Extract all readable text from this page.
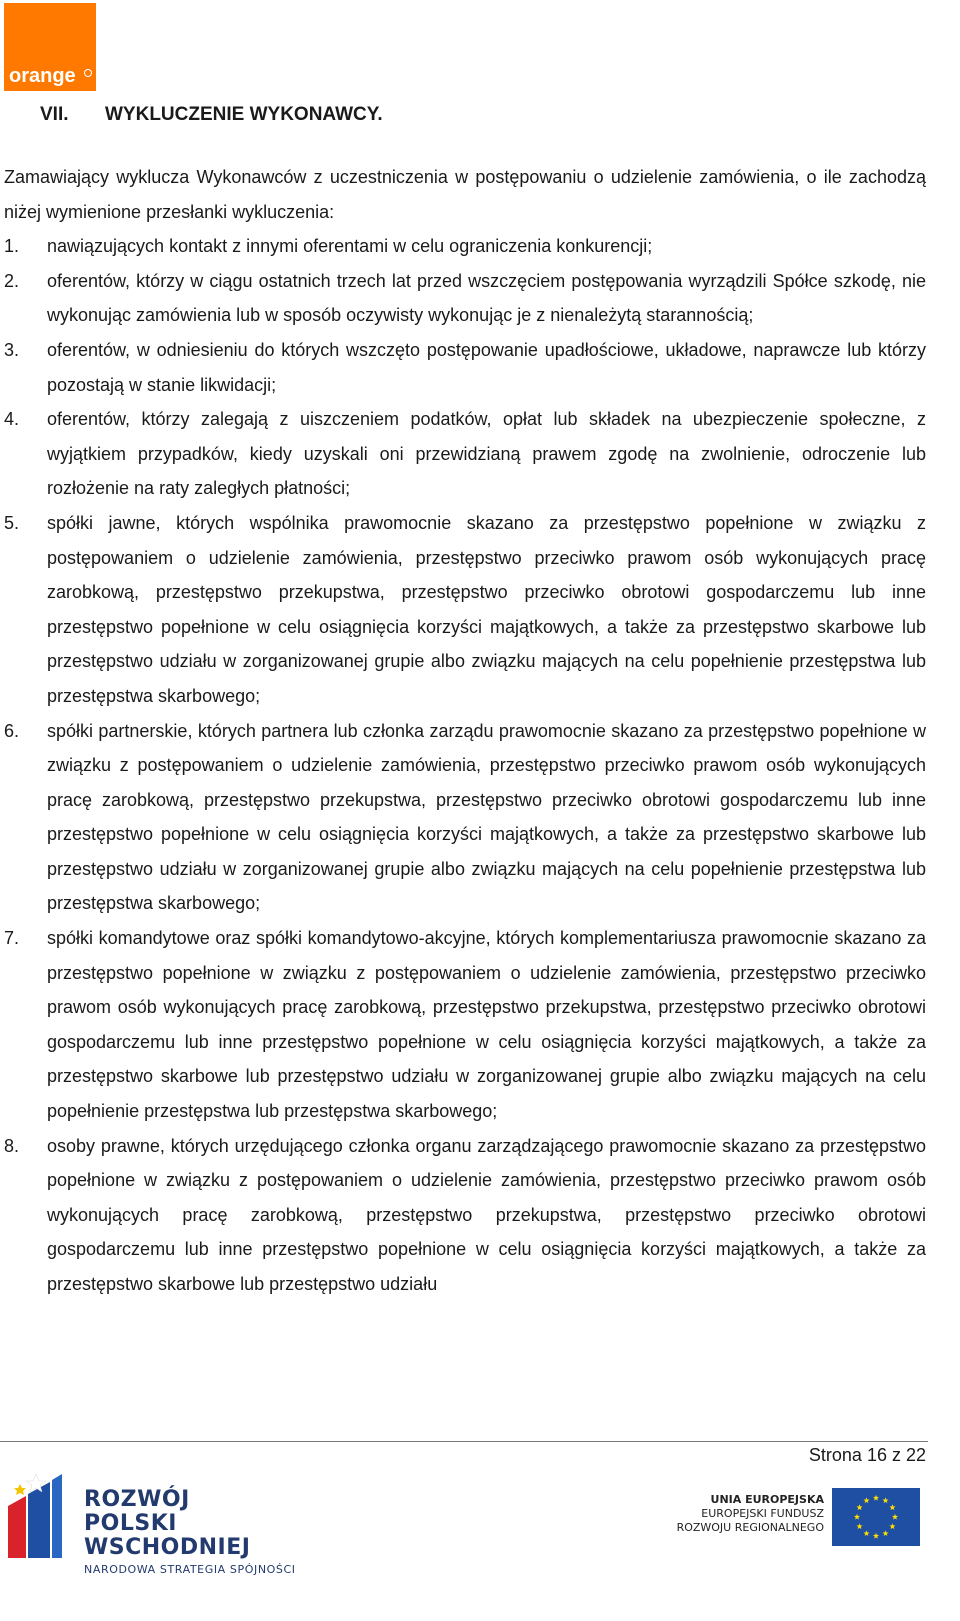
orange
VII. WYKLUCZENIE WYKONAWCY.
Zamawiający wyklucza Wykonawców z uczestniczenia w postępowaniu o udzielenie zamówienia, o ile zachodzą niżej wymienione przesłanki wykluczenia:
1.	nawiązujących kontakt z innymi oferentami w celu ograniczenia konkurencji;
2.	oferentów, którzy w ciągu ostatnich trzech lat przed wszczęciem postępowania wyrządzili Spółce szkodę, nie wykonując zamówienia lub w sposób oczywisty wykonując je z nienależytą starannością;
3.	oferentów, w odniesieniu do których wszczęto postępowanie upadłościowe, układowe, naprawcze lub którzy pozostają w stanie likwidacji;
4.	oferentów, którzy zalegają z uiszczeniem podatków, opłat lub składek na ubezpieczenie społeczne, z wyjątkiem przypadków, kiedy uzyskali oni przewidzianą prawem zgodę na zwolnienie, odroczenie lub rozłożenie na raty zaległych płatności;
5.	spółki jawne, których wspólnika prawomocnie skazano za przestępstwo popełnione w związku z postępowaniem o udzielenie zamówienia, przestępstwo przeciwko prawom osób wykonujących pracę zarobkową, przestępstwo przekupstwa, przestępstwo przeciwko obrotowi gospodarczemu lub inne przestępstwo popełnione w celu osiągnięcia korzyści majątkowych, a także za przestępstwo skarbowe lub przestępstwo udziału w zorganizowanej grupie albo związku mających na celu popełnienie przestępstwa lub przestępstwa skarbowego;
6.	spółki partnerskie, których partnera lub członka zarządu prawomocnie skazano za przestępstwo popełnione w związku z postępowaniem o udzielenie zamówienia, przestępstwo przeciwko prawom osób wykonujących pracę zarobkową, przestępstwo przekupstwa, przestępstwo przeciwko obrotowi gospodarczemu lub inne przestępstwo popełnione w celu osiągnięcia korzyści majątkowych, a także za przestępstwo skarbowe lub przestępstwo udziału w zorganizowanej grupie albo związku mających na celu popełnienie przestępstwa lub przestępstwa skarbowego;
7.	spółki komandytowe oraz spółki komandytowo-akcyjne, których komplementariusza prawomocnie skazano za przestępstwo popełnione w związku z postępowaniem o udzielenie zamówienia, przestępstwo przeciwko prawom osób wykonujących pracę zarobkową, przestępstwo przekupstwa, przestępstwo przeciwko obrotowi gospodarczemu lub inne przestępstwo popełnione w celu osiągnięcia korzyści majątkowych, a także za przestępstwo skarbowe lub przestępstwo udziału w zorganizowanej grupie albo związku mających na celu popełnienie przestępstwa lub przestępstwa skarbowego;
8.	osoby prawne, których urzędującego członka organu zarządzającego prawomocnie skazano za przestępstwo popełnione w związku z postępowaniem o udzielenie zamówienia, przestępstwo przeciwko prawom osób wykonujących pracę zarobkową, przestępstwo przekupstwa, przestępstwo przeciwko obrotowi gospodarczemu lub inne przestępstwo popełnione w celu osiągnięcia korzyści majątkowych, a także za przestępstwo skarbowe lub przestępstwo udziału
Strona 16 z 22
ROZWÓJ
POLSKI WSCHODNIEJ
NARODOWA STRATEGIA SPÓJNOŚCI
UNIA EUROPEJSKA
EUROPEJSKI FUNDUSZ
ROZWOJU REGIONALNEGO
